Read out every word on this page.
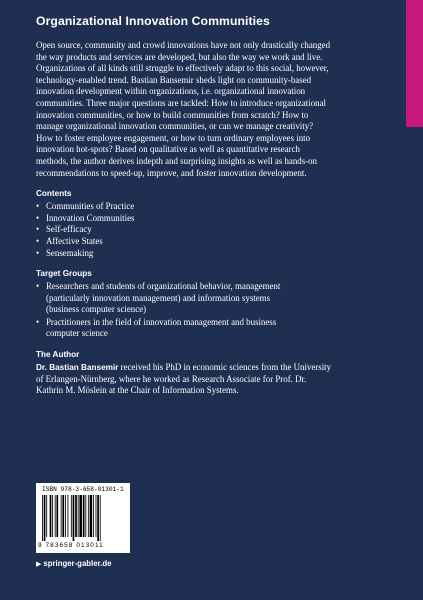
Organizational Innovation Communities

Open source, community and crowd innovations have not only drastically changed
the way products and services are developed, but also the way we work and live.
Organizations of all kinds still struggle to effectively adapt to this social, however,
technology-enabled trend. Bastian Bansemir sheds light on community-based
innovation development within organizations, i.e. organizational innovation
communities. Three major questions are tackled: How to introduce organizational
innovation communities, or how to build communities from scratch? How to
manage organizational innovation communities, or can we manage creativity?
How to foster employee engagement, or how to turn ordinary employees into
innovation hot-spots? Based on qualitative as well as quantitative research
methods, the author derives indepth and surprising insights as well as hands-on
recommendations to speed-up, improve, and foster innovation development.

Contents
• Communities of Practice
• Innovation Communities
• Self-efficacy
• Affective States
• Sensemaking
Target Groups
• Researchers and students of organizational behavior, management
(particularly innovation management) and information systems
(business computer science)
• Practitioners in the field of innovation management and business
computer science
The Author

Dr. Bastian Bansemir received his PhD in economic sciences from the University
of Erlangen-Nürnberg, where he worked as Research Associate for Prof. Dr.
Kathrin M. Möslein at the Chair of Information Systems.

ISBN 978-3-658-01301-1
9 783658 013011
▶ springer-gabler.de
